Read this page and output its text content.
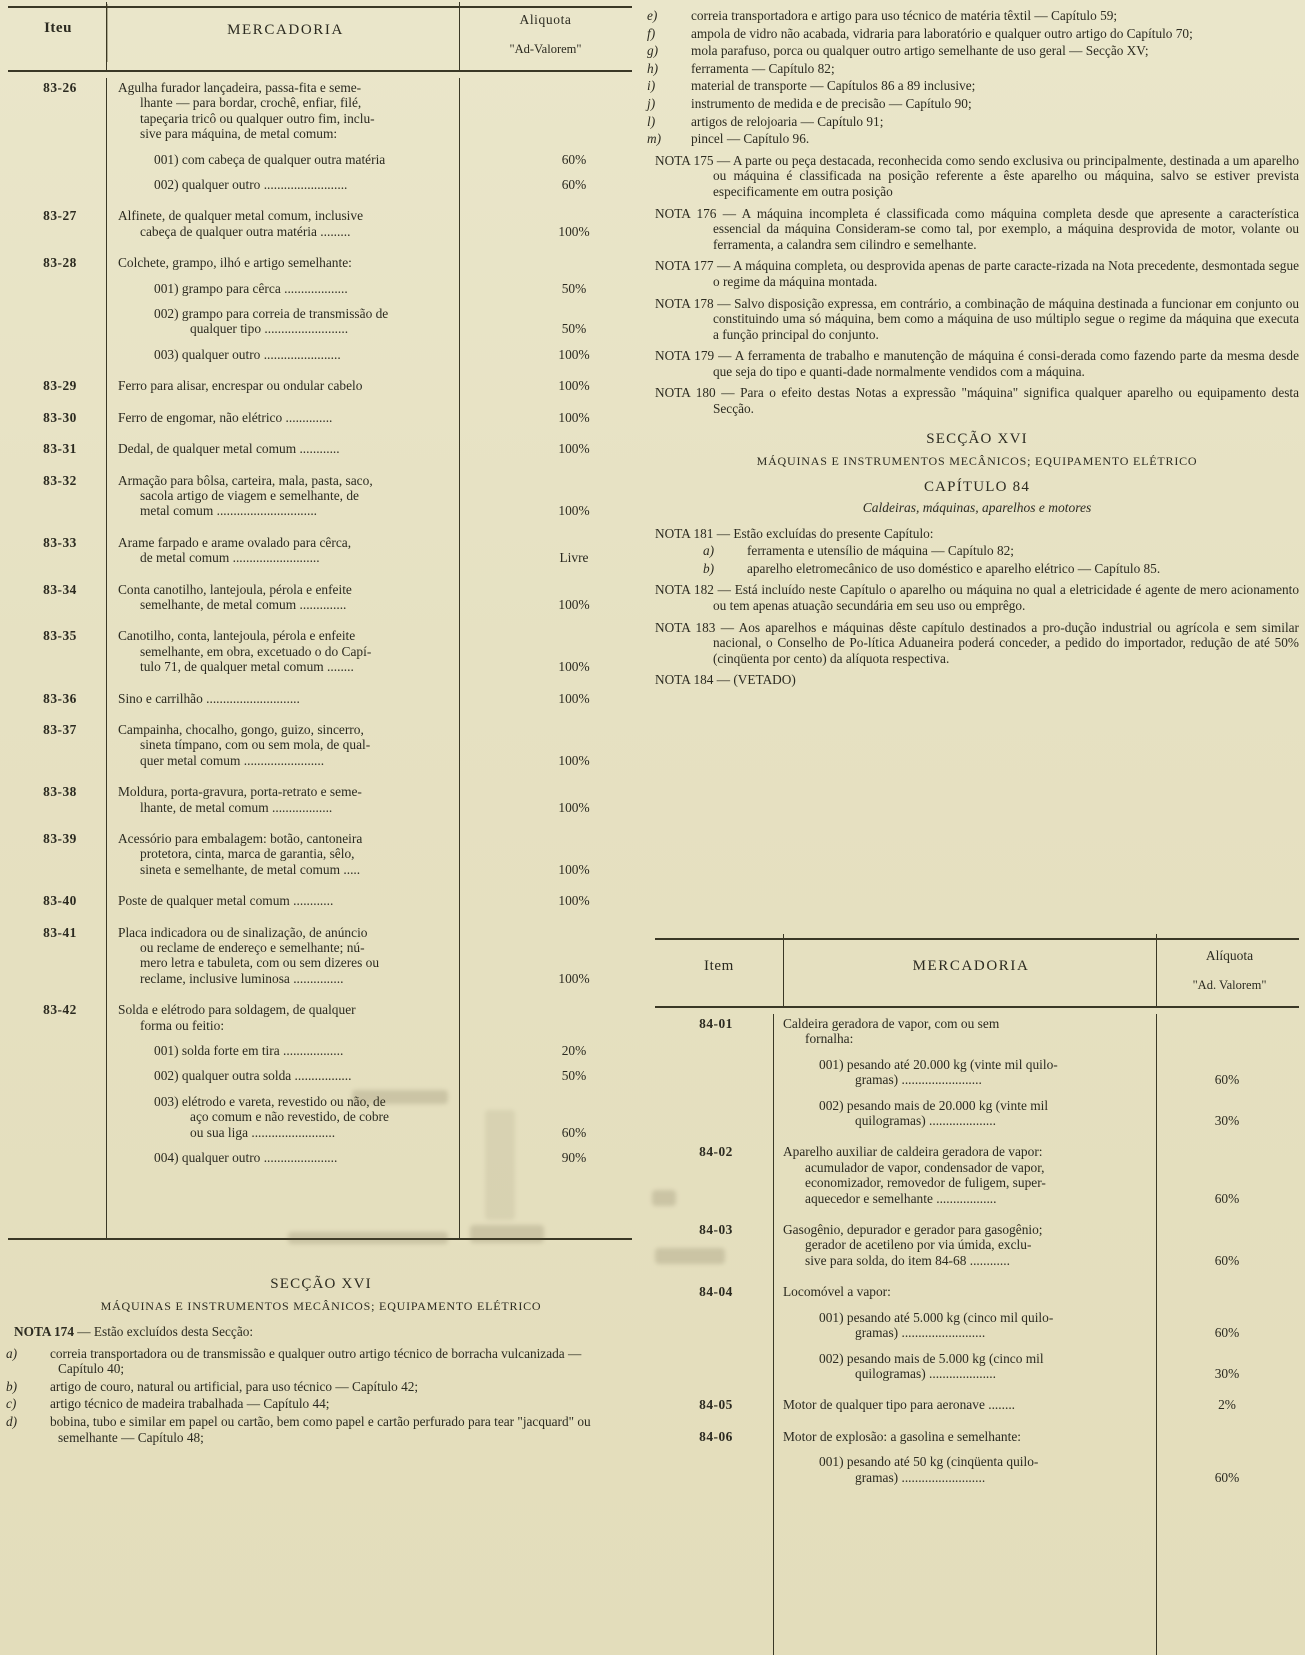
Iteu	MERCADORIA
Aliquota
"Ad-Valorem"
83-26	Agulha furador lançadeira, passa-fita e seme-
lhante — para bordar, crochê, enfiar, filé,
tapeçaria tricô ou qualquer outro fim, inclu-
sive para máquina, de metal comum:	

	001) com cabeça de qualquer outra matéria	60%

	002) qualquer outro .........................	60%

83-27	Alfinete, de qualquer metal comum, inclusive
cabeça de qualquer outra matéria .........	100%

83-28	Colchete, grampo, ilhó e artigo semelhante:	

	001) grampo para cêrca ...................	50%

	002) grampo para correia de transmissão de
qualquer tipo .........................	50%

	003) qualquer outro .......................	100%

83-29	Ferro para alisar, encrespar ou ondular cabelo	100%

83-30	Ferro de engomar, não elétrico ..............	100%

83-31	Dedal, de qualquer metal comum ............	100%

83-32	Armação para bôlsa, carteira, mala, pasta, saco,
sacola artigo de viagem e semelhante, de
metal comum ..............................	100%

83-33	Arame farpado e arame ovalado para cêrca,
de metal comum ..........................	Livre

83-34	Conta canotilho, lantejoula, pérola e enfeite
semelhante, de metal comum ..............	100%

83-35	Canotilho, conta, lantejoula, pérola e enfeite
semelhante, em obra, excetuado o do Capí-
tulo 71, de qualquer metal comum ........	100%

83-36	Sino e carrilhão ............................	100%

83-37	Campainha, chocalho, gongo, guizo, sincerro,
sineta tímpano, com ou sem mola, de qual-
quer metal comum ........................	100%

83-38	Moldura, porta-gravura, porta-retrato e seme-
lhante, de metal comum ..................	100%

83-39	Acessório para embalagem: botão, cantoneira
protetora, cinta, marca de garantia, sêlo,
sineta e semelhante, de metal comum .....	100%

83-40	Poste de qualquer metal comum ............	100%

83-41	Placa indicadora ou de sinalização, de anúncio
ou reclame de endereço e semelhante; nú-
mero letra e tabuleta, com ou sem dizeres ou
reclame, inclusive luminosa ...............	100%

83-42	Solda e elétrodo para soldagem, de qualquer
forma ou feitio:	

	001) solda forte em tira ..................	20%

	002) qualquer outra solda .................	50%

	003) elétrodo e vareta, revestido ou não, de
aço comum e não revestido, de cobre
ou sua liga .........................	60%

	004) qualquer outro ......................	90%

SECÇÃO XVI
MÁQUINAS E INSTRUMENTOS MECÂNICOS; EQUIPAMENTO ELÉTRICO
NOTA 174 — Estão excluídos desta Secção:
a) correia transportadora ou de transmissão e qualquer outro artigo técnico de borracha vulcanizada — Capítulo 40;
b) artigo de couro, natural ou artificial, para uso técnico — Capítulo 42;
c)	artigo técnico de madeira trabalhada — Capítulo 44;
d) bobina, tubo e similar em papel ou cartão, bem como papel e cartão perfurado para tear "jacquard" ou semelhante — Capítulo 48;
e)	correia transportadora e artigo para uso técnico de matéria têxtil — Capítulo 59;
f)	ampola de vidro não acabada, vidraria para laboratório e qualquer outro artigo do Capítulo 70;
g) mola parafuso, porca ou qualquer outro artigo semelhante de uso geral — Secção XV;
h) ferramenta — Capítulo 82;
i)	material de transporte — Capítulos 86 a 89 inclusive;
j)	instrumento de medida e de precisão — Capítulo 90;
l)	artigos de relojoaria — Capítulo 91;
m) pincel — Capítulo 96.
NOTA 175 — A parte ou peça destacada, reconhecida como sendo exclusiva ou principalmente, destinada a um aparelho ou máquina é classificada na posição referente a êste aparelho ou máquina, salvo se estiver prevista especificamente em outra posição
NOTA 176 — A máquina incompleta é classificada como máquina completa desde que apresente a característica essencial da máquina Consideram-se como tal, por exemplo, a máquina desprovida de motor, volante ou ferramenta, a calandra sem cilindro e semelhante.
NOTA 177 — A máquina completa, ou desprovida apenas de parte caracte-rizada na Nota precedente, desmontada segue o regime da máquina montada.
NOTA 178 — Salvo disposição expressa, em contrário, a combinação de máquina destinada a funcionar em conjunto ou constituindo uma só máquina, bem como a máquina de uso múltiplo segue o regime da máquina que executa a função principal do conjunto.
NOTA 179 — A ferramenta de trabalho e manutenção de máquina é consi-derada como fazendo parte da mesma desde que seja do tipo e quanti-dade normalmente vendidos com a máquina.
NOTA 180 — Para o efeito destas Notas a expressão "máquina" significa qualquer aparelho ou equipamento desta Secção.
SECÇÃO XVI
MÁQUINAS E INSTRUMENTOS MECÂNICOS; EQUIPAMENTO ELÉTRICO
CAPÍTULO 84
Caldeiras, máquinas, aparelhos e motores
NOTA 181 — Estão excluídas do presente Capítulo:
a) ferramenta e utensílio de máquina — Capítulo 82;
b) aparelho eletromecânico de uso doméstico e aparelho elétrico — Capítulo 85.
NOTA 182 — Está incluído neste Capítulo o aparelho ou máquina no qual a eletricidade é agente de mero acionamento ou tem apenas atuação secundária em seu uso ou emprêgo.
NOTA 183 — Aos aparelhos e máquinas dêste capítulo destinados a pro-dução industrial ou agrícola e sem similar nacional, o Conselho de Po-lítica Aduaneira poderá conceder, a pedido do importador, redução de até 50% (cinqüenta por cento) da alíquota respectiva.
NOTA 184 — (VETADO)
Item	MERCADORIA
Alíquota
"Ad. Valorem"
84-01	Caldeira geradora de vapor, com ou sem
fornalha:	

	001) pesando até 20.000 kg (vinte mil quilo-
gramas) ........................	60%

	002) pesando mais de 20.000 kg (vinte mil
quilogramas) ....................	30%

84-02	Aparelho auxiliar de caldeira geradora de vapor:
acumulador de vapor, condensador de vapor,
economizador, removedor de fuligem, super-
aquecedor e semelhante ..................	60%

84-03	Gasogênio, depurador e gerador para gasogênio;
gerador de acetileno por via úmida, exclu-
sive para solda, do item 84-68 ............	60%

84-04	Locomóvel a vapor:	

	001) pesando até 5.000 kg (cinco mil quilo-
gramas) .........................	60%

	002) pesando mais de 5.000 kg (cinco mil
quilogramas) ....................	30%

84-05	Motor de qualquer tipo para aeronave ........	2%

84-06	Motor de explosão: a gasolina e semelhante:	

	001) pesando até 50 kg (cinqüenta quilo-
gramas) .........................	60%
